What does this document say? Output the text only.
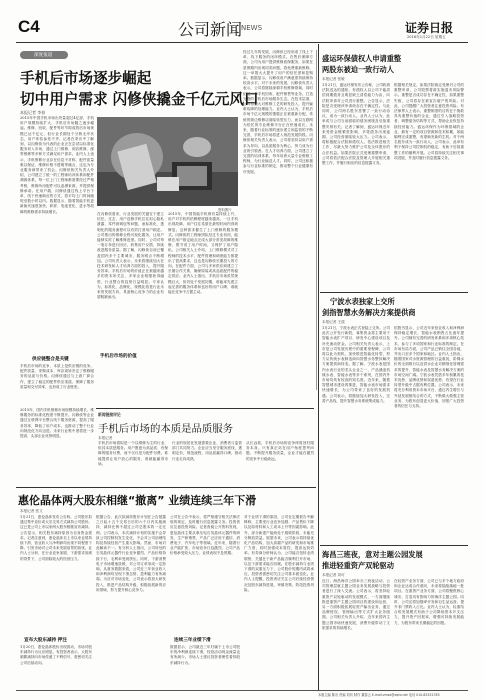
C4	公司新闻
NEWS	证券日报
2016年1月22日 星期五
深度报道
手机后市场逐步崛起
切中用户需求 闪修侠撬金千亿元风口
本报记者 李春
2015年中国手机市场出货量超过4亿部，手机用户规模持续扩大，手机后市场随之逐步崛起。维修、回收、配件等环节构成的后市场规模已达千亿元，但行业长期处于分散无序状态，用户体验参差不齐。记者在采访中了解到，以闪修侠为代表的企业正在尝试以标准化服务切入市场，通过上门维修、到店维修、邮寄维修等多种方式满足用户需求。业内人士表示，手机维修行业存在信息不对称、配件质量难以保证、维修价格不透明等痛点，这也为专业服务商带来了机会。闪修侠相关负责人介绍，公司建立了统一的工程师培训体系和配件溯源体系，每一位上门工程师都需要经过严格考核，维修所用配件可以追溯来源，并提供保修承诺。在用户端，闪修侠通过线上平台下单、线下快速响应的方式，将平均上门时间缩短至数小时以内。数据显示，随着智能手机更新换代速度加快，碎屏、电池老化、进水等故障的维修需求持续增长。
供应链整合是关键
手机后市场的竞争，本质上是供应链的竞争。配件质量、采购成本、库存周转决定了维修服务的品质与价格。闪修侠通过与上游厂商合作，建立了稳定的配件供应渠道，保障了服务质量和交付效率，也形成了行业壁垒。
资料图片
在闪修侠看来，行业发展的关键在于建立信任。过去，用户送修手机往往担心隐私泄露、零件被调包等问题，而标准化、透明化的服务流程可以有效打消用户顾虑。公司推出的维修全程可视化服务，让用户能够实时了解维修进度。同时，公司对每一笔订单进行回访，收集用户反馈，持续改进服务质量。据了解，闪修侠目前已覆盖国内多个主要城市，服务网点不断增加。公司负责人表示，未来将继续加大在技术研发和人才培养方面的投入，提升服务效率。手机后市场的价值正在被越来越多的资本所关注，多家企业相继获得融资，行业整合的趋势日益明显。专家认为，标准化、品牌化、规模化将是行业未来的发展方向，具备核心竞争力的企业有望脱颖而出。
手机后市场的价值
2015年，中国智能手机保有量持续上升，用户对手机的依赖程度越来越高，一旦手机出现故障，用户往往希望在最短时间内得到修复。这种需求催生了上门维修的服务模式。闪修侠的工程师团队经过专业培训，能够在用户指定地点完成大部分常见故障的维修，既节省了用户时间，又保护了用户隐私。公司相关人士介绍，上门维修模式对工程师的技术水平、配件管理和调度能力都提出了很高要求，这也是闪修侠长期投入的方向。在配件方面，公司与多家供应商建立了长期合作关系，确保原装或高品质配件的稳定供应。业内人士指出，手机后市场虽然规模巨大，但仍处于发展初期，谁能率先建立起完善的服务体系和良好的用户口碑，谁就能在竞争中占据主动。
经过几年的发展，闪修侠已经形成了线上下单、线下服务的闭环模式。在售后保障方面，公司为用户提供维修质保服务，如果在质保期内出现同类问题，将免费重新维修。这一举措大大提升了用户的信任度和复购率。数据显示，闪修侠用户满意度持续保持较高水平。对于未来的发展，闪修侠负责人表示，公司将继续深耕手机维修领域，同时拓展二手手机回收、配件销售等业务，打造完整的手机后市场服务生态。在技术层面，公司将加大对维修工艺的研发投入，提升疑难故障的处理能力。业内人士认为，手机后市场千亿元规模的蛋糕正在被重新分配，传统的街边维修店面临转型压力，而以互联网为依托的专业维修平台正在快速成长。未来，随着行业标准的逐步建立和监管的不断完善，手机后市场将进入规范发展阶段。闪修侠相关负责人表示，公司将坚持以用户需求为导向，以品质服务为核心，努力成为行业的引领者。在人才培养方面，公司建立了完善的培训体系，每年培养大量专业维修工程师，为行业输送人才。同时，公司还积极参与行业标准的制定，推动整个行业健康有序发展。
新闻链接评论
手机后市场的本质是品质服务
本报记者
手机后市场看似是一个以维修为主的行业，但其本质是服务。用户愿意为高品质、有保障的服务付费，而不仅仅是为配件付费。谁能提供让用户放心的服务，谁就能赢得市场。
行业的规范化发展需要企业、消费者与监管部门共同努力。企业应当坚守服务底线，透明定价，规范流程，用品质赢得口碑，推动行业走向成熟。
从长远看，手机后市场的竞争终将回归服务本身。只有真正站在用户角度思考问题，不断提升服务质量，企业才能在激烈的竞争中行稳致远。
2015年，国内手机维修市场规模持续增长，维修服务的标准化程度不断提升。闪修侠等企业通过互联网平台整合线下服务资源，提高了服务效率，降低了用户成本，也推动了整个行业向规范化方向迈进。未来行业集中度将进一步提高，头部企业优势明显。
惠伦晶体两大股东相继“撤离” 业绩连续三年下滑
本报记者 张文
1月21日，惠伦晶体发布公告称，公司股东拟通过集中竞价或大宗交易方式减持公司股份。这已是公司上市以来两大股东相继宣布减持。公告显示，相关股东减持原因为自身资金需求。记者注意到，惠伦晶体自上市以来业绩持续下滑，营业收入与净利润均出现不同程度下降，引发市场对公司未来发展前景的担忧。业内人士分析，在行业竞争加剧、下游需求放缓的背景下，公司面临较大的经营压力。
宣布大股东减持 押注
1月20日，惠伦晶体股价出现波动，市场对股东减持行为反应明显。有投资者表示，大股东频繁减持向市场传递了不利信号，需密切关注公司后续动向。
根据公告，此次拟减持股东计划在公告披露之日起十五个交易日后的六个月内实施减持，减持比例不超过公司总股本的一定比例。公司表示，本次减持计划的实施不会导致公司控制权发生变化，不会对公司治理结构及持续经营产生重大影响。然而，市场对此解读不一。有分析人士指出，公司所处的石英晶体元器件行业竞争激烈，产品价格持续下行，毛利率受到挤压。同时，下游消费电子市场增速放缓，对公司订单形成一定影响。从财务数据来看，公司近三年营业收入和净利润均呈现下滑态势，盈利能力有所减弱。为应对市场变化，公司表示将加大研发投入，推进产品结构升级，积极拓展新的应用领域，努力提升核心竞争力。
公司在公告中表示，将严格遵守相关法律法规的规定，及时履行信息披露义务。投资者应注意投资风险。记者查阅公开资料发现，惠伦晶体主要从事压电石英晶体元器件的研发、生产和销售，产品广泛应用于通信、消费电子、汽车电子等领域。近年来，随着行业产能扩张，市场竞争日趋激烈，公司产品价格承受较大压力，业绩表现不及预期。
连续三年业绩下滑
数据显示，公司最近三年归属于上市公司股东的净利润连续下滑，经营活动现金流量也有所减少。市场人士建议投资者理性看待股东减持行为。
对于业绩下滑的原因，公司在定期报告中解释称，主要受行业竞争加剧、产品售价下降以及原材料和人工成本上升等因素影响。此外，部分新建产能尚处于爬坡阶段，未能充分释放效益。展望未来，公司表示将持续优化产品结构，加大高端产品的研发和市场推广力度，同时加强成本管控，提高运营效率。有券商分析师认为，公司能否扭转业绩颓势，关键在于新产品能否顺利打开市场，以及下游需求能否回暖。在股东减持与业绩下滑的双重压力下，公司股价短期内或将承压，投资者需密切关注公司基本面变化。业内人士提醒，投资者应关注公司后续经营情况及股东减持进展，审慎决策，防范投资风险。
盛运环保债权人申请重整
两股东被迫一致行动人
本报记者 张敏
1月21日，盛运环保发布公告称，公司收到法院送达的通知，有债权人以公司不能清偿到期债务且明显缺乏清偿能力为由，向法院申请对公司进行重整。公告显示，法院是否受理该申请尚存在不确定性。与此同时，公司两名股东签署了一致行动协议，成为一致行动人。业内人士认为，此举或与公司当前面临的债务困境及后续重整安排有关。记者了解到，盛运环保近年来受资金链紧张影响，多笔债务出现逾期，公司经营面临较大压力。公司表示，将积极配合法院和债权人，依法推进相关工作，尽最大努力维护公司及全体股东的合法权益。如果法院正式受理重整申请，公司将依法配合法院及管理人开展相关重整工作，并履行相应的信息披露义务。
根据相关规定，如果法院裁定受理对公司的重整申请，公司股票将被实施退市风险警示。重整是否成功存在不确定性，如果重整失败，公司将存在被宣告破产的风险。对此，公司提醒广大投资者注意投资风险。有法律界人士表示，重整制度的目的在于挽救具有重整价值的企业，通过引入战略投资者、调整债务结构等方式，帮助企业恢复持续经营能力。盛运环保作为环保领域的企业，拥有一定的项目资源和技术积累，如能顺利完成重整，有望焕发新的生机。对于两名股东成为一致行动人，公司表示，此举有利于保持公司控制权的稳定，有助于后续重整工作的顺利开展。公司将持续关注相关事项进展，并及时履行信息披露义务。
宁波水表独家上交所
剑指智慧水务解决方案提供商
本报记者 王僖
1月21日，宁波水表正式登陆上交所。公司此次公开发行新股，募集资金将主要用于智能水表扩产项目、研发中心建设项目及补充流动资金。公司相关负责人表示，上市是公司发展历程中的重要里程碑，公司将以此为契机，加快推进智能化转型，努力从传统水表制造商向智慧水务整体解决方案提供商转变。据了解，宁波水表是国内水表行业的龙头企业之一，产品涵盖机械水表、智能水表等多个系列，在国内外市场均具有较高的知名度。近年来，随着智慧城市建设的推进，智能水表市场需求快速增长，为公司带来了良好的发展机遇。公司表示，将继续加大研发投入，完善产品线，提升智慧水务系统集成能力。
招股书显示，公司近年来营业收入和净利润保持稳定增长，智能水表销售占比逐年提升。公司拥有完善的研发体系和多项核心技术，参与了多项国家和行业标准的制定。在市场布局方面，公司产品已销往全国各地，并出口至多个国家和地区。业内人士指出，随着国家对水资源管理的日益重视，阶梯水价的全面推行以及供水企业对精细化管理需求的提升，智能水表及智慧水务解决方案的市场空间广阔。宁波水表凭借多年积累的技术优势、品牌优势和渠道优势，有望在行业转型升级中占据有利位置。公司表示，未来将充分利用资本市场平台，通过内生增长与外延发展相结合的方式，不断做大做强主营业务，为股东创造更大价值，回报广大投资者的信任与支持。
海昌三班夜，意对主题公园发展
推进轻重资产双轮驱动
本报记者 刘可
近日，海昌海洋公园举办三班夜活动，公司管理层就主题公园业务发展战略与投资者进行了深入交流。公司表示，将坚持轻重资产双轮驱动的发展模式，一方面继续推进重资产主题公园项目的建设和运营，另一方面积极拓展轻资产输出业务，通过品牌授权、管理输出等方式扩大业务版图。公司相关负责人介绍，近年来国内主题公园市场快速发展，消费升级带动了文旅需求的持续增长。
在轻资产业务方面，公司已与多个地方政府和企业达成合作意向，未来将陆续落地一批项目。在重资产业务方面，公司将聚焦核心城市，打造具有影响力的海洋主题公园。同时，公司还将加强IP开发和衍生品运营，提升非门票收入占比。业内人士认为，轻重结合的发展模式有助于公司降低资本开支压力，提升资产回报率，增强可持续发展能力，为股东带来长期稳定的回报。
本版主编 陈岩 责编 刘钊 制作 董春云 E-mail:zmzx@zqrb.net 电话 010-83251785
